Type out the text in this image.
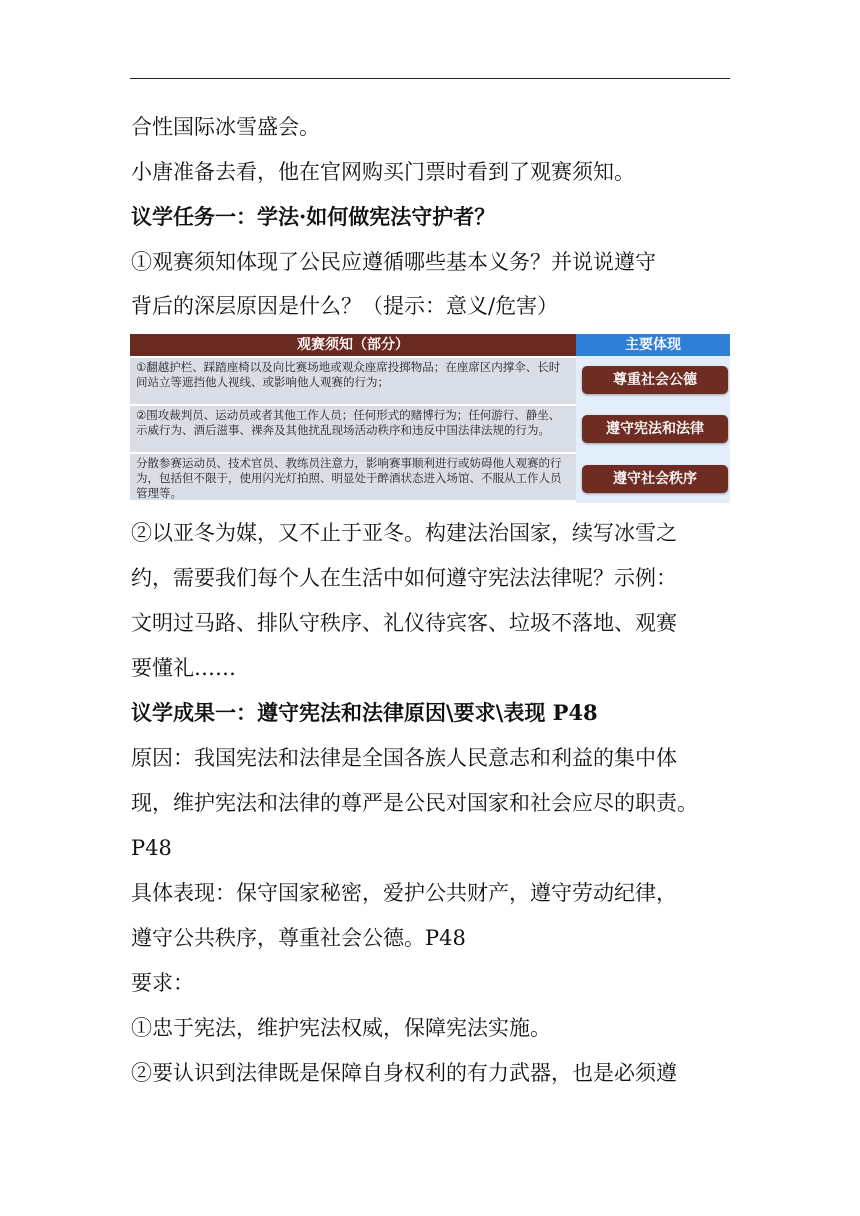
合性国际冰雪盛会。
小唐准备去看，他在官网购买门票时看到了观赛须知。
议学任务一：学法·如何做宪法守护者？
①观赛须知体现了公民应遵循哪些基本义务？并说说遵守
背后的深层原因是什么？（提示：意义/危害）
观赛须知（部分）	主要体现
①翻越护栏、踩踏座椅以及向比赛场地或观众座席投掷物品；在座席区内撑伞、长时间站立等遮挡他人视线、或影响他人观赛的行为；
②围攻裁判员、运动员或者其他工作人员；任何形式的赌博行为；任何游行、静坐、示威行为、酒后滋事、裸奔及其他扰乱现场活动秩序和违反中国法律法规的行为。
分散参赛运动员、技术官员、教练员注意力，影响赛事顺利进行或妨碍他人观赛的行为，包括但不限于，使用闪光灯拍照、明显处于醉酒状态进入场馆、不服从工作人员管理等。
尊重社会公德
遵守宪法和法律
遵守社会秩序
②以亚冬为媒，又不止于亚冬。构建法治国家，续写冰雪之
约，需要我们每个人在生活中如何遵守宪法法律呢？示例：
文明过马路、排队守秩序、礼仪待宾客、垃圾不落地、观赛
要懂礼……
议学成果一：遵守宪法和法律原因\要求\表现 P48
原因：我国宪法和法律是全国各族人民意志和利益的集中体
现，维护宪法和法律的尊严是公民对国家和社会应尽的职责。
P48
具体表现：保守国家秘密，爱护公共财产，遵守劳动纪律，
遵守公共秩序，尊重社会公德。P48
要求：
①忠于宪法，维护宪法权威，保障宪法实施。
②要认识到法律既是保障自身权利的有力武器，也是必须遵
